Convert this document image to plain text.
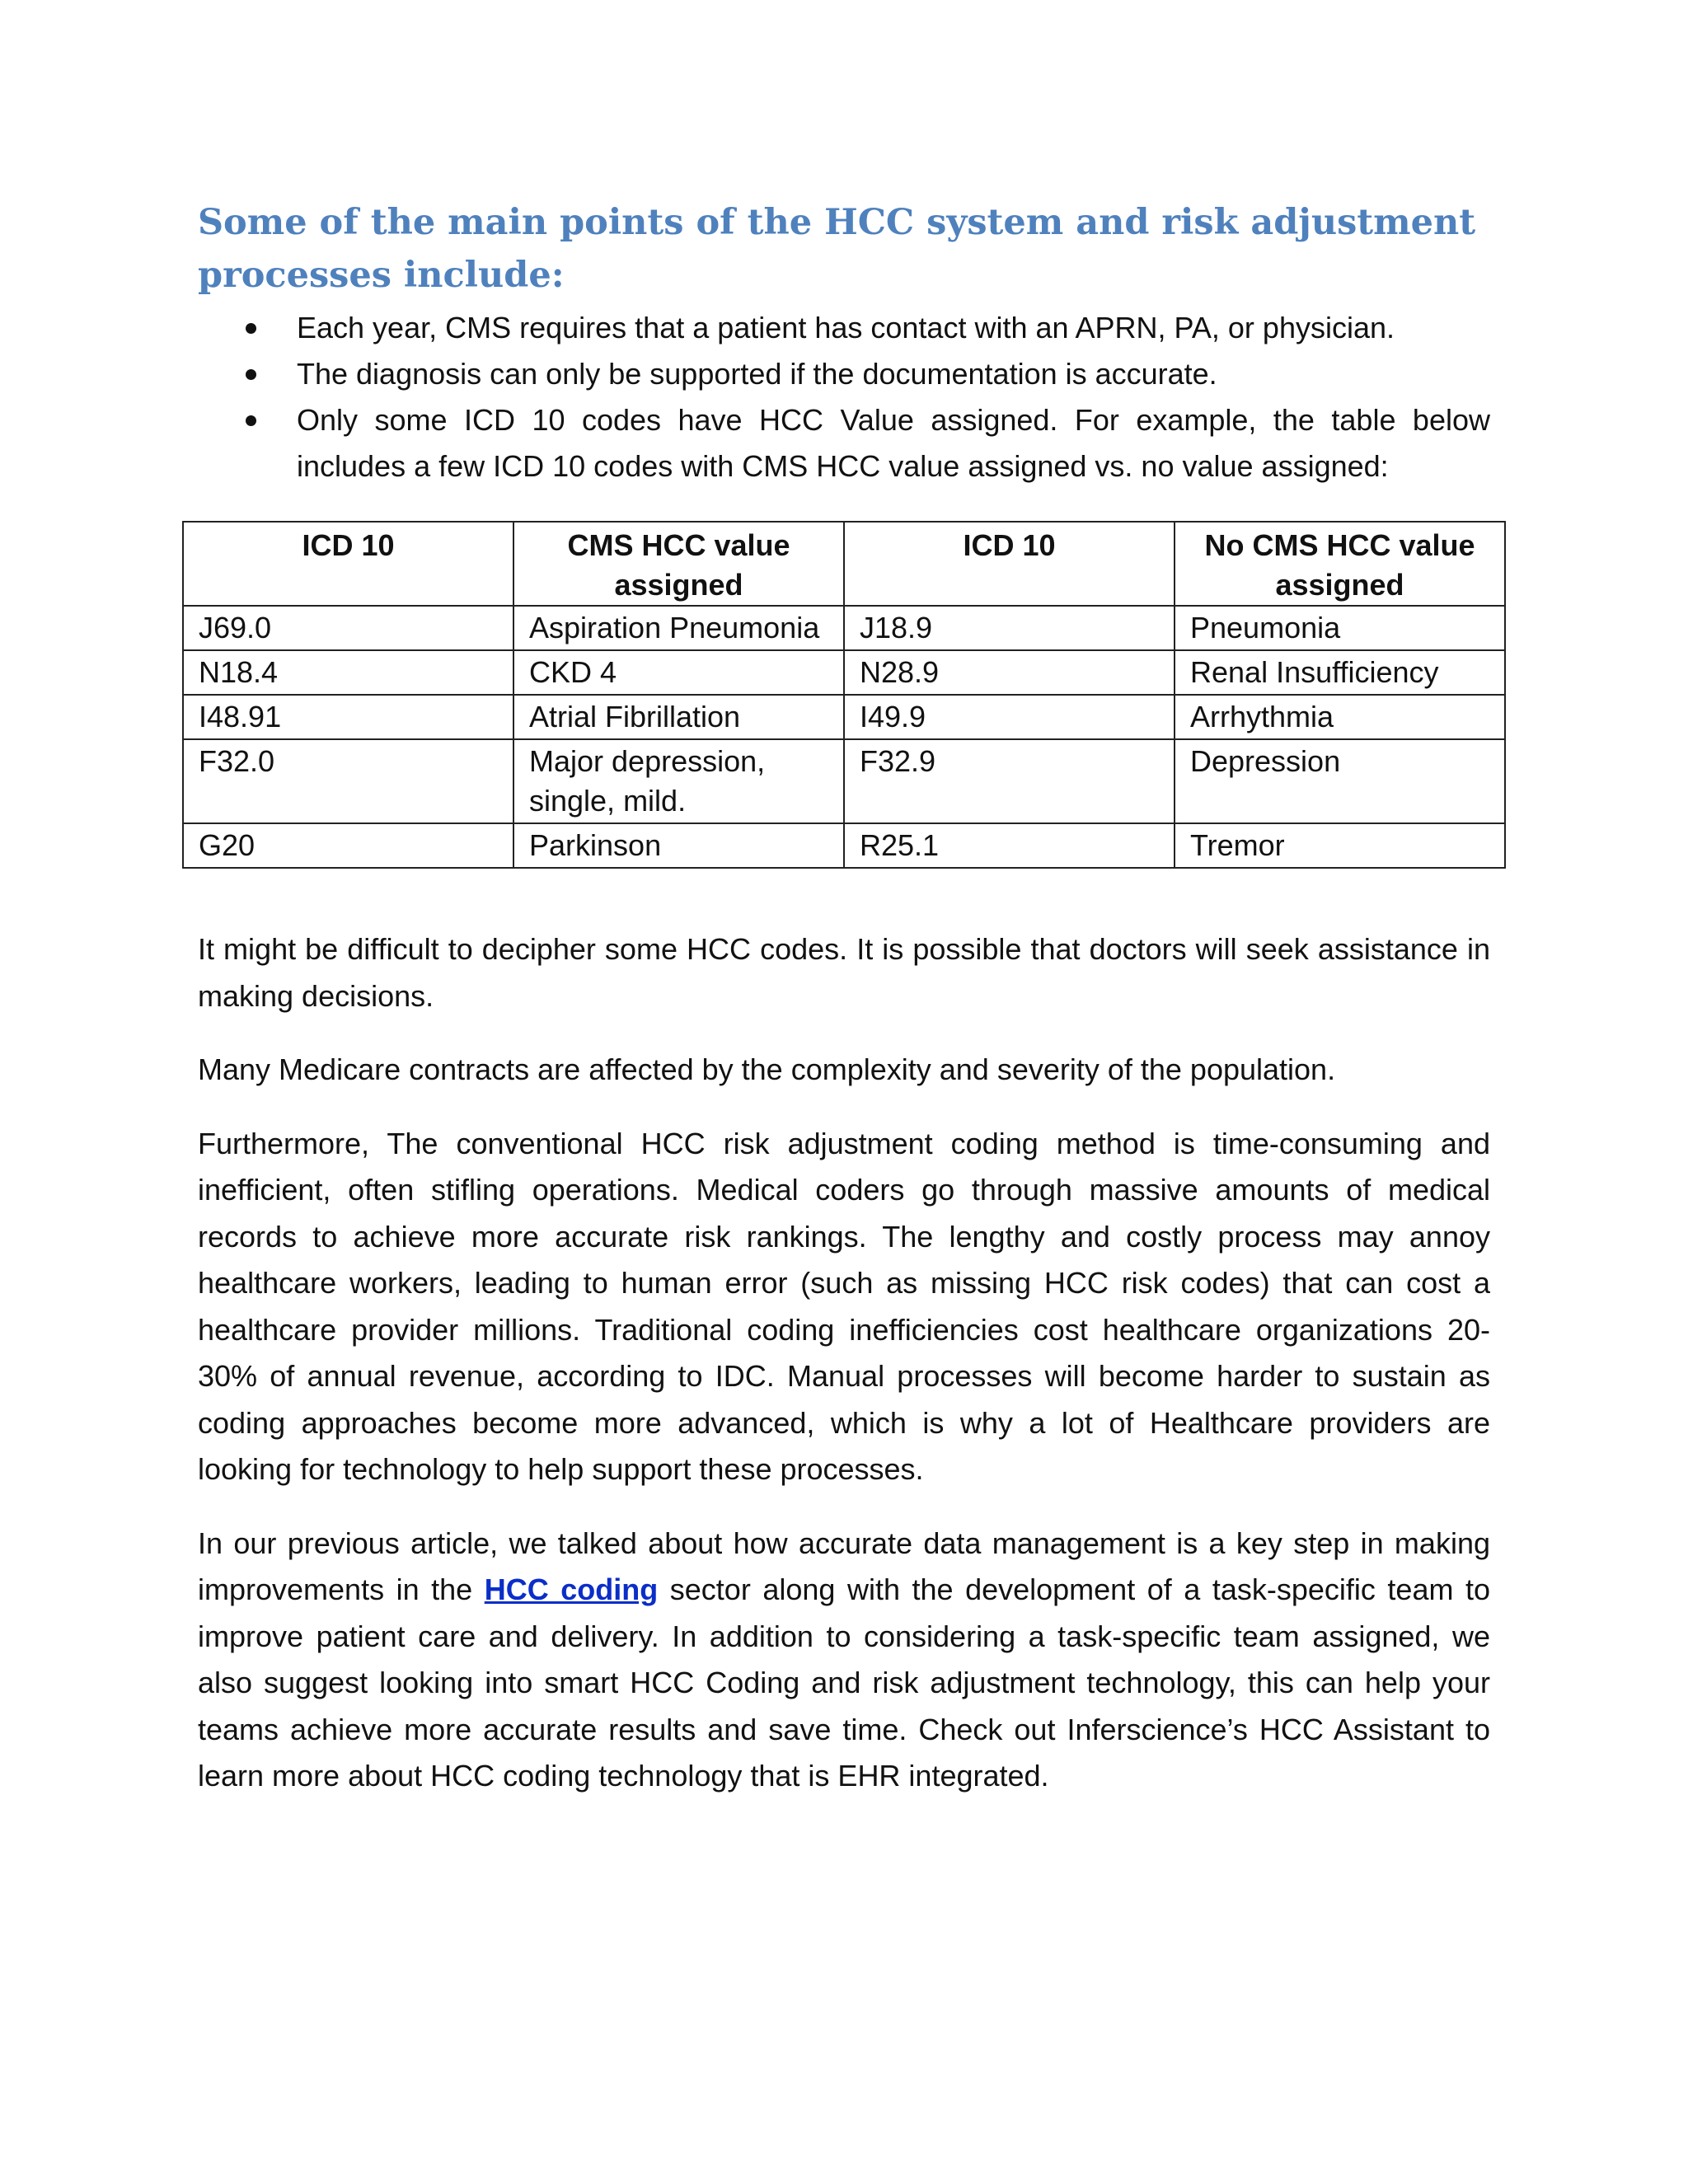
Some of the main points of the HCC system and risk adjustment
processes include:
Each year, CMS requires that a patient has contact with an APRN, PA, or physician.
The diagnosis can only be supported if the documentation is accurate.
Only some ICD 10 codes have HCC Value assigned. For example, the table below includes a few ICD 10 codes with CMS HCC value assigned vs. no value assigned:
ICD 10	CMS HCC value assigned	ICD 10	No CMS HCC value assigned
J69.0	Aspiration Pneumonia	J18.9	Pneumonia
N18.4	CKD 4	N28.9	Renal Insufficiency
I48.91	Atrial Fibrillation	I49.9	Arrhythmia
F32.0	Major depression, single, mild.	F32.9	Depression
G20	Parkinson	R25.1	Tremor

It might be difficult to decipher some HCC codes. It is possible that doctors will seek assistance in making decisions.

Many Medicare contracts are affected by the complexity and severity of the population.

Furthermore, The conventional HCC risk adjustment coding method is time-consuming and inefficient, often stifling operations. Medical coders go through massive amounts of medical records to achieve more accurate risk rankings. The lengthy and costly process may annoy healthcare workers, leading to human error (such as missing HCC risk codes) that can cost a healthcare provider millions. Traditional coding inefficiencies cost healthcare organizations 20-30% of annual revenue, according to IDC. Manual processes will become harder to sustain as coding approaches become more advanced, which is why a lot of Healthcare providers are looking for technology to help support these processes.

In our previous article, we talked about how accurate data management is a key step in making improvements in the HCC coding sector along with the development of a task-specific team to improve patient care and delivery. In addition to considering a task-specific team assigned, we also suggest looking into smart HCC Coding and risk adjustment technology, this can help your teams achieve more accurate results and save time. Check out Inferscience’s HCC Assistant to learn more about HCC coding technology that is EHR integrated.
